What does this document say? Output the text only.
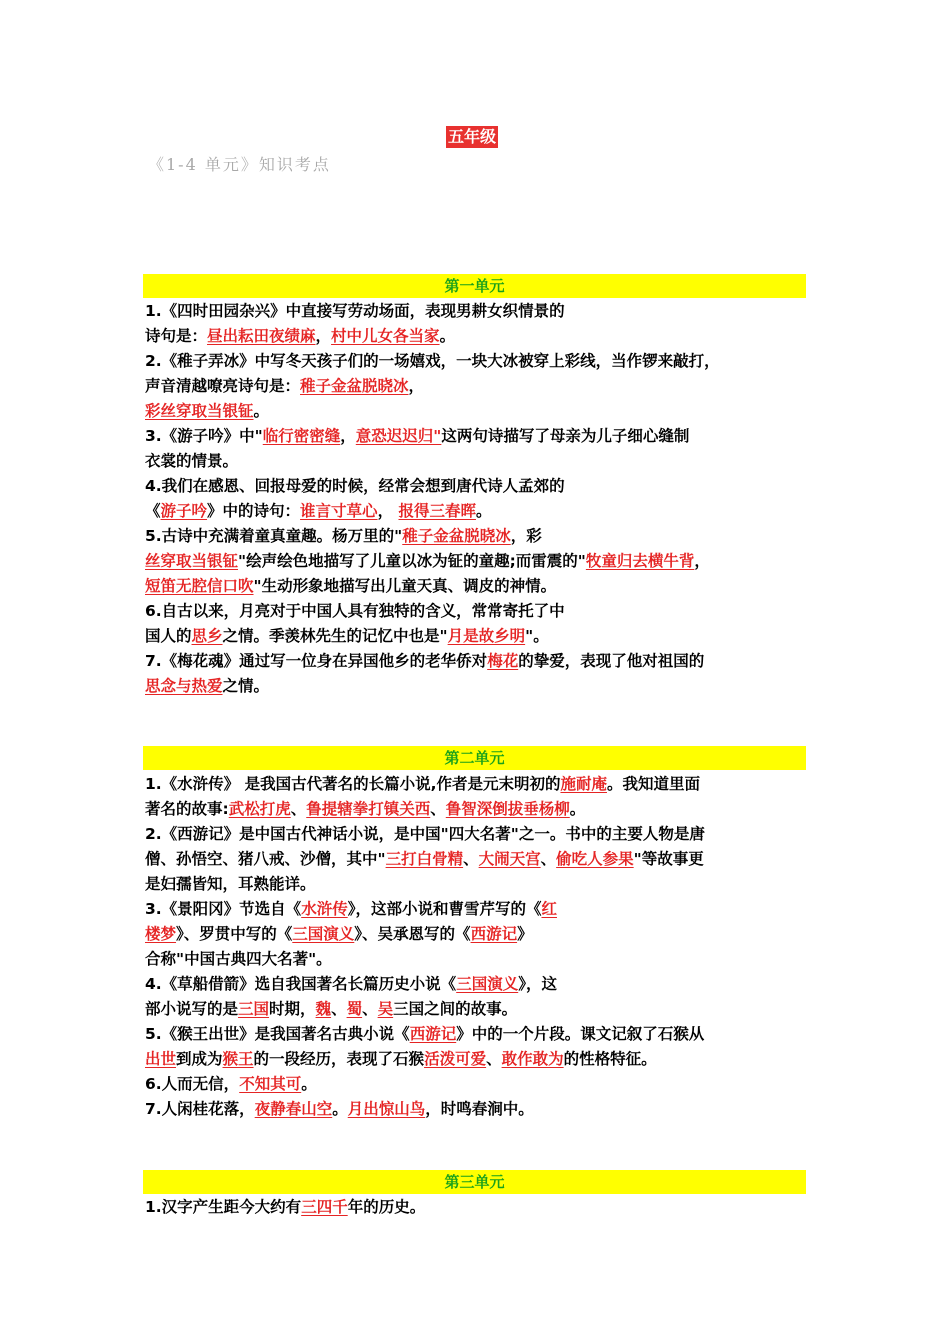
五年级
《1-4 单元》知识考点
第一单元
1.《四时田园杂兴》中直接写劳动场面，表现男耕女织情景的
诗句是：昼出耘田夜绩麻，村中儿女各当家。
2.《稚子弄冰》中写冬天孩子们的一场嬉戏，一块大冰被穿上彩线，当作锣来敲打，
声音清越嘹亮诗句是：稚子金盆脱晓冰，
彩丝穿取当银钲。
3.《游子吟》中"临行密密缝，意恐迟迟归"这两句诗描写了母亲为儿子细心缝制
衣裳的情景。
4.我们在感恩、回报母爱的时候，经常会想到唐代诗人孟郊的
《游子吟》中的诗句：谁言寸草心， 报得三春晖。
5.古诗中充满着童真童趣。杨万里的"稚子金盆脱晓冰，彩
丝穿取当银钲"绘声绘色地描写了儿童以冰为钲的童趣;而雷震的"牧童归去横牛背，
短笛无腔信口吹"生动形象地描写出儿童天真、调皮的神情。
6.自古以来，月亮对于中国人具有独特的含义，常常寄托了中
国人的思乡之情。季羡林先生的记忆中也是"月是故乡明"。
7.《梅花魂》通过写一位身在异国他乡的老华侨对梅花的挚爱，表现了他对祖国的
思念与热爱之情。
第二单元
1.《水浒传》 是我国古代著名的长篇小说,作者是元末明初的施耐庵。我知道里面
著名的故事:武松打虎、鲁提辖拳打镇关西、鲁智深倒拔垂杨柳。
2.《西游记》是中国古代神话小说，是中国"四大名著"之一。书中的主要人物是唐
僧、孙悟空、猪八戒、沙僧，其中"三打白骨精、大闹天宫、偷吃人参果"等故事更
是妇孺皆知，耳熟能详。
3.《景阳冈》节选自《水浒传》，这部小说和曹雪芹写的《红
楼梦》、罗贯中写的《三国演义》、吴承恩写的《西游记》
合称"中国古典四大名著"。
4.《草船借箭》选自我国著名长篇历史小说《三国演义》，这
部小说写的是三国时期，魏、蜀、吴三国之间的故事。
5.《猴王出世》是我国著名古典小说《西游记》中的一个片段。课文记叙了石猴从
出世到成为猴王的一段经历，表现了石猴活泼可爱、敢作敢为的性格特征。
6.人而无信，不知其可。
7.人闲桂花落，夜静春山空。月出惊山鸟，时鸣春涧中。
第三单元
1.汉字产生距今大约有三四千年的历史。
